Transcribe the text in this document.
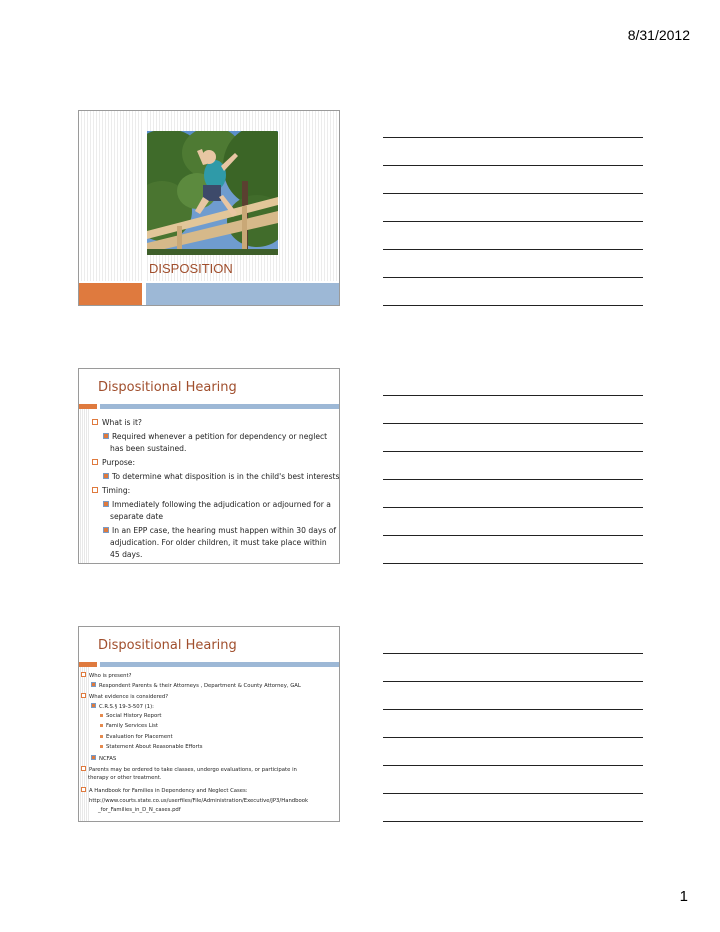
8/31/2012
DISPOSITION
Dispositional Hearing
What is it?
Required whenever a petition for dependency or neglect
has been sustained.
Purpose:
To determine what disposition is in the child's best interests
Timing:
Immediately following the adjudication or adjourned for a
separate date
In an EPP case, the hearing must happen within 30 days of
adjudication. For older children, it must take place within
45 days.
Dispositional Hearing
Who is present?
Respondent Parents & their Attorneys , Department & County Attorney, GAL
What evidence is considered?
C.R.S.§ 19-3-507 (1):
Social History Report
Family Services List
Evaluation for Placement
Statement About Reasonable Efforts
NCFAS
Parents may be ordered to take classes, undergo evaluations, or participate in
therapy or other treatment.
A Handbook for Families in Dependency and Neglect Cases:
http://www.courts.state.co.us/userfiles/File/Administration/Executive/JP3/Handbook
_for_Families_in_D_N_cases.pdf
1
